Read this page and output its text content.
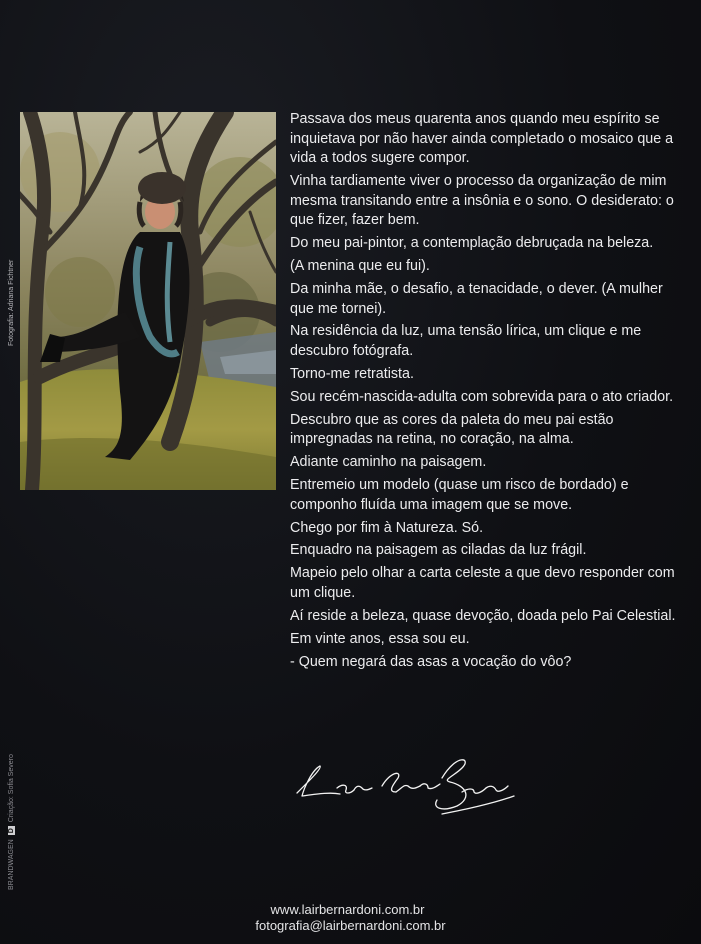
Fotografia: Adriana Fichtner
BRANDWAGEN
D
Criação: Sofia Severo

Passava dos meus quarenta anos quando meu espírito se inquietava por não haver ainda completado o mosaico que a vida a todos sugere compor.

Vinha tardiamente viver o processo da organização de mim mesma transitando entre a insônia e o sono. O desideratо: o que fizer, fazer bem.

Do meu pai-pintor, a contemplação debruçada na beleza.

(A menina que eu fui).

Da minha mãe, o desafio, a tenacidade, o dever. (A mulher que me tornei).

Na residência da luz, uma tensão lírica, um clique e me descubro fotógrafa.

Torno-me retratista.

Sou recém-nascida-adulta com sobrevida para o ato criador.

Descubro que as cores da paleta do meu pai estão impregnadas na retina, no coração, na alma.

Adiante caminho na paisagem.

Entremeio um modelo (quase um risco de bordado) e componho fluída uma imagem que se move.

Chego por fim à Natureza. Só.

Enquadro na paisagem as ciladas da luz frágil.

Mapeio pelo olhar a carta celeste a que devo responder com um clique.

Aí reside a beleza, quase devoção, doada pelo Pai Celestial.

Em vinte anos, essa sou eu.

- Quem negará das asas a vocação do vôo?

www.lairbernardoni.com.br
fotografia@lairbernardoni.com.br
